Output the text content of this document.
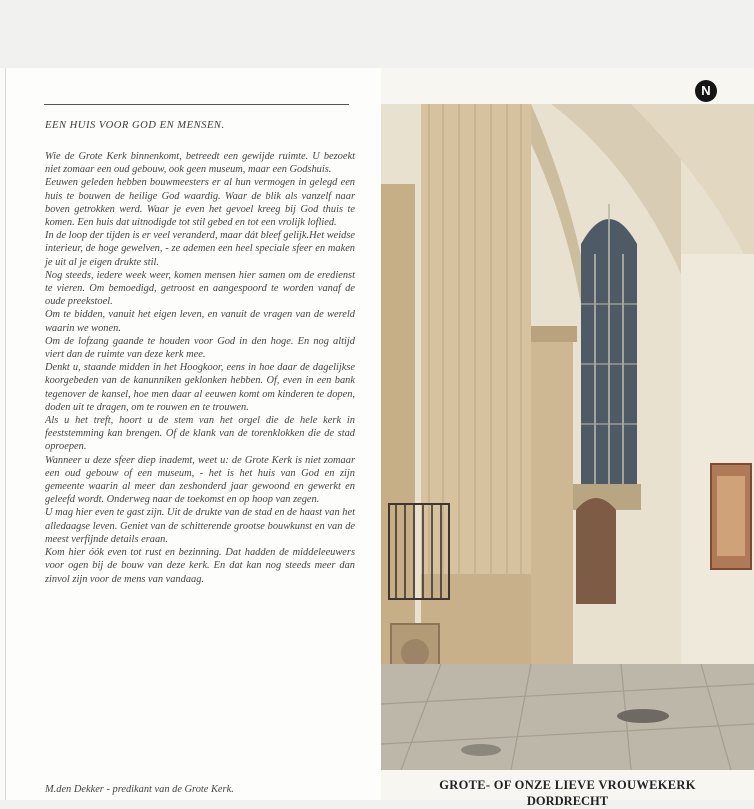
EEN HUIS VOOR GOD EN MENSEN.

Wie de Grote Kerk binnenkomt, betreedt een gewijde ruimte. U bezoekt niet zomaar een oud gebouw, ook geen museum, maar een Godshuis.

Eeuwen geleden hebben bouwmeesters er al hun vermogen in gelegd een huis te bouwen de heilige God waardig. Waar de blik als vanzelf naar boven getrokken werd. Waar je even het gevoel kreeg bij God thuis te komen. Een huis dat uitnodigde tot stil gebed en tot een vrolijk loflied.

In de loop der tijden is er veel veranderd, maar dát bleef gelijk.Het weidse interieur, de hoge gewelven, - ze ademen een heel speciale sfeer en maken je uit al je eigen drukte stil.

Nog steeds, iedere week weer, komen mensen hier samen om de eredienst te vieren. Om bemoedigd, getroost en aangespoord te worden vanaf de oude preekstoel.

Om te bidden, vanuit het eigen leven, en vanuit de vragen van de wereld waarin we wonen.

Om de lofzang gaande te houden voor God in den hoge. En nog altijd viert dan de ruimte van deze kerk mee.

Denkt u, staande midden in het Hoogkoor, eens in hoe daar de dagelijkse koorgebeden van de kanunniken geklonken hebben. Of, even in een bank tegenover de kansel, hoe men daar al eeuwen komt om kinderen te dopen, doden uit te dragen, om te rouwen en te trouwen.

Als u het treft, hoort u de stem van het orgel die de hele kerk in feeststemming kan brengen. Of de klank van de torenklokken die de stad oproepen.

Wanneer u deze sfeer diep inademt, weet u: de Grote Kerk is niet zomaar een oud gebouw of een museum, - het is het huis van God en zijn gemeente waarin al meer dan zeshonderd jaar gewoond en gewerkt en geleefd wordt. Onderweg naar de toekomst en op hoop van zegen.

U mag hier even te gast zijn. Uit de drukte van de stad en de haast van het alledaagse leven. Geniet van de schitterende grootse bouwkunst en van de meest verfijnde details eraan.

Kom hier óók even tot rust en bezinning. Dat hadden de middeleeuwers voor ogen bij de bouw van deze kerk. En dat kan nog steeds meer dan zinvol zijn voor de mens van vandaag.

M.den Dekker - predikant van de Grote Kerk.
N
GROTE- OF ONZE LIEVE VROUWEKERK
DORDRECHT
